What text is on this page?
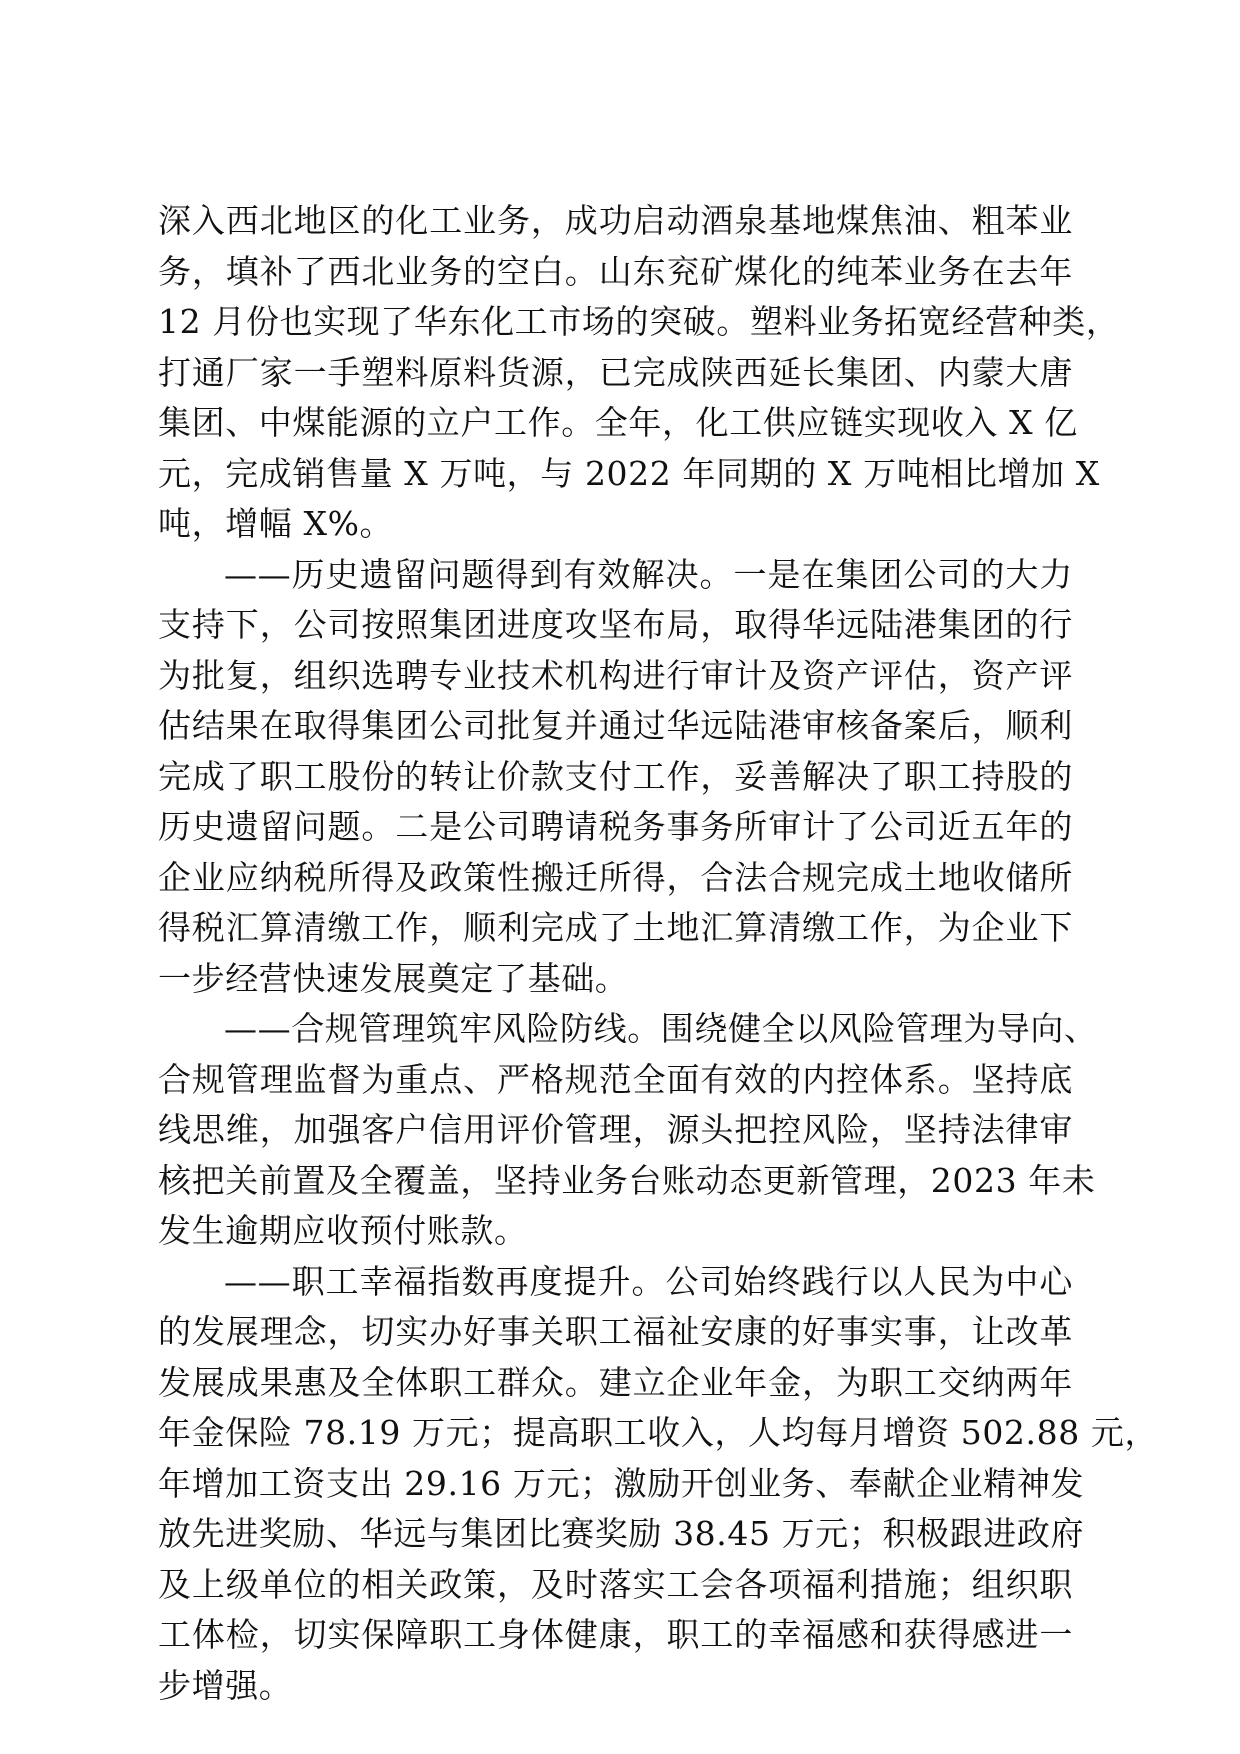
深入西北地区的化工业务，成功启动酒泉基地煤焦油、粗苯业
务，填补了西北业务的空白。山东兖矿煤化的纯苯业务在去年
12 月份也实现了华东化工市场的突破。塑料业务拓宽经营种类，
打通厂家一手塑料原料货源，已完成陕西延长集团、内蒙大唐
集团、中煤能源的立户工作。全年，化工供应链实现收入 X 亿
元，完成销售量 X 万吨，与 2022 年同期的 X 万吨相比增加 X
吨，增幅 X%。
——历史遗留问题得到有效解决。一是在集团公司的大力
支持下，公司按照集团进度攻坚布局，取得华远陆港集团的行
为批复，组织选聘专业技术机构进行审计及资产评估，资产评
估结果在取得集团公司批复并通过华远陆港审核备案后，顺利
完成了职工股份的转让价款支付工作，妥善解决了职工持股的
历史遗留问题。二是公司聘请税务事务所审计了公司近五年的
企业应纳税所得及政策性搬迁所得，合法合规完成土地收储所
得税汇算清缴工作，顺利完成了土地汇算清缴工作，为企业下
一步经营快速发展奠定了基础。
——合规管理筑牢风险防线。围绕健全以风险管理为导向、
合规管理监督为重点、严格规范全面有效的内控体系。坚持底
线思维，加强客户信用评价管理，源头把控风险，坚持法律审
核把关前置及全覆盖，坚持业务台账动态更新管理，2023 年未
发生逾期应收预付账款。
——职工幸福指数再度提升。公司始终践行以人民为中心
的发展理念，切实办好事关职工福祉安康的好事实事，让改革
发展成果惠及全体职工群众。建立企业年金，为职工交纳两年
年金保险 78.19 万元；提高职工收入，人均每月增资 502.88 元，
年增加工资支出 29.16 万元；激励开创业务、奉献企业精神发
放先进奖励、华远与集团比赛奖励 38.45 万元；积极跟进政府
及上级单位的相关政策，及时落实工会各项福利措施；组织职
工体检，切实保障职工身体健康，职工的幸福感和获得感进一
步增强。
